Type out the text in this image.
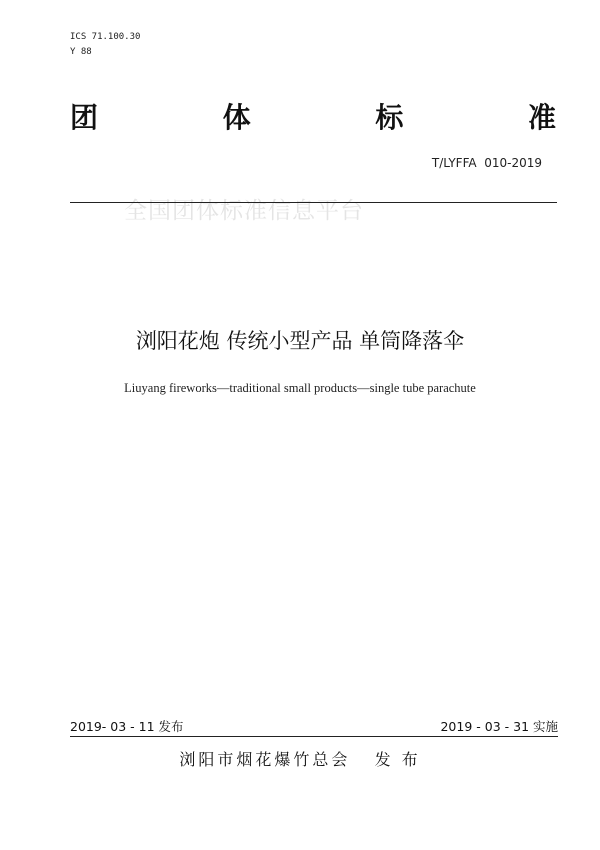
ICS 71.100.30
Y 88
团	体	标	准
T/LYFFA  010-2019
全国团体标准信息平台
浏阳花炮 传统小型产品 单筒降落伞
Liuyang fireworks—traditional small products—single tube parachute
2019- 03 - 11 发布	2019 - 03 - 31 实施
浏阳市烟花爆竹总会   发 布
